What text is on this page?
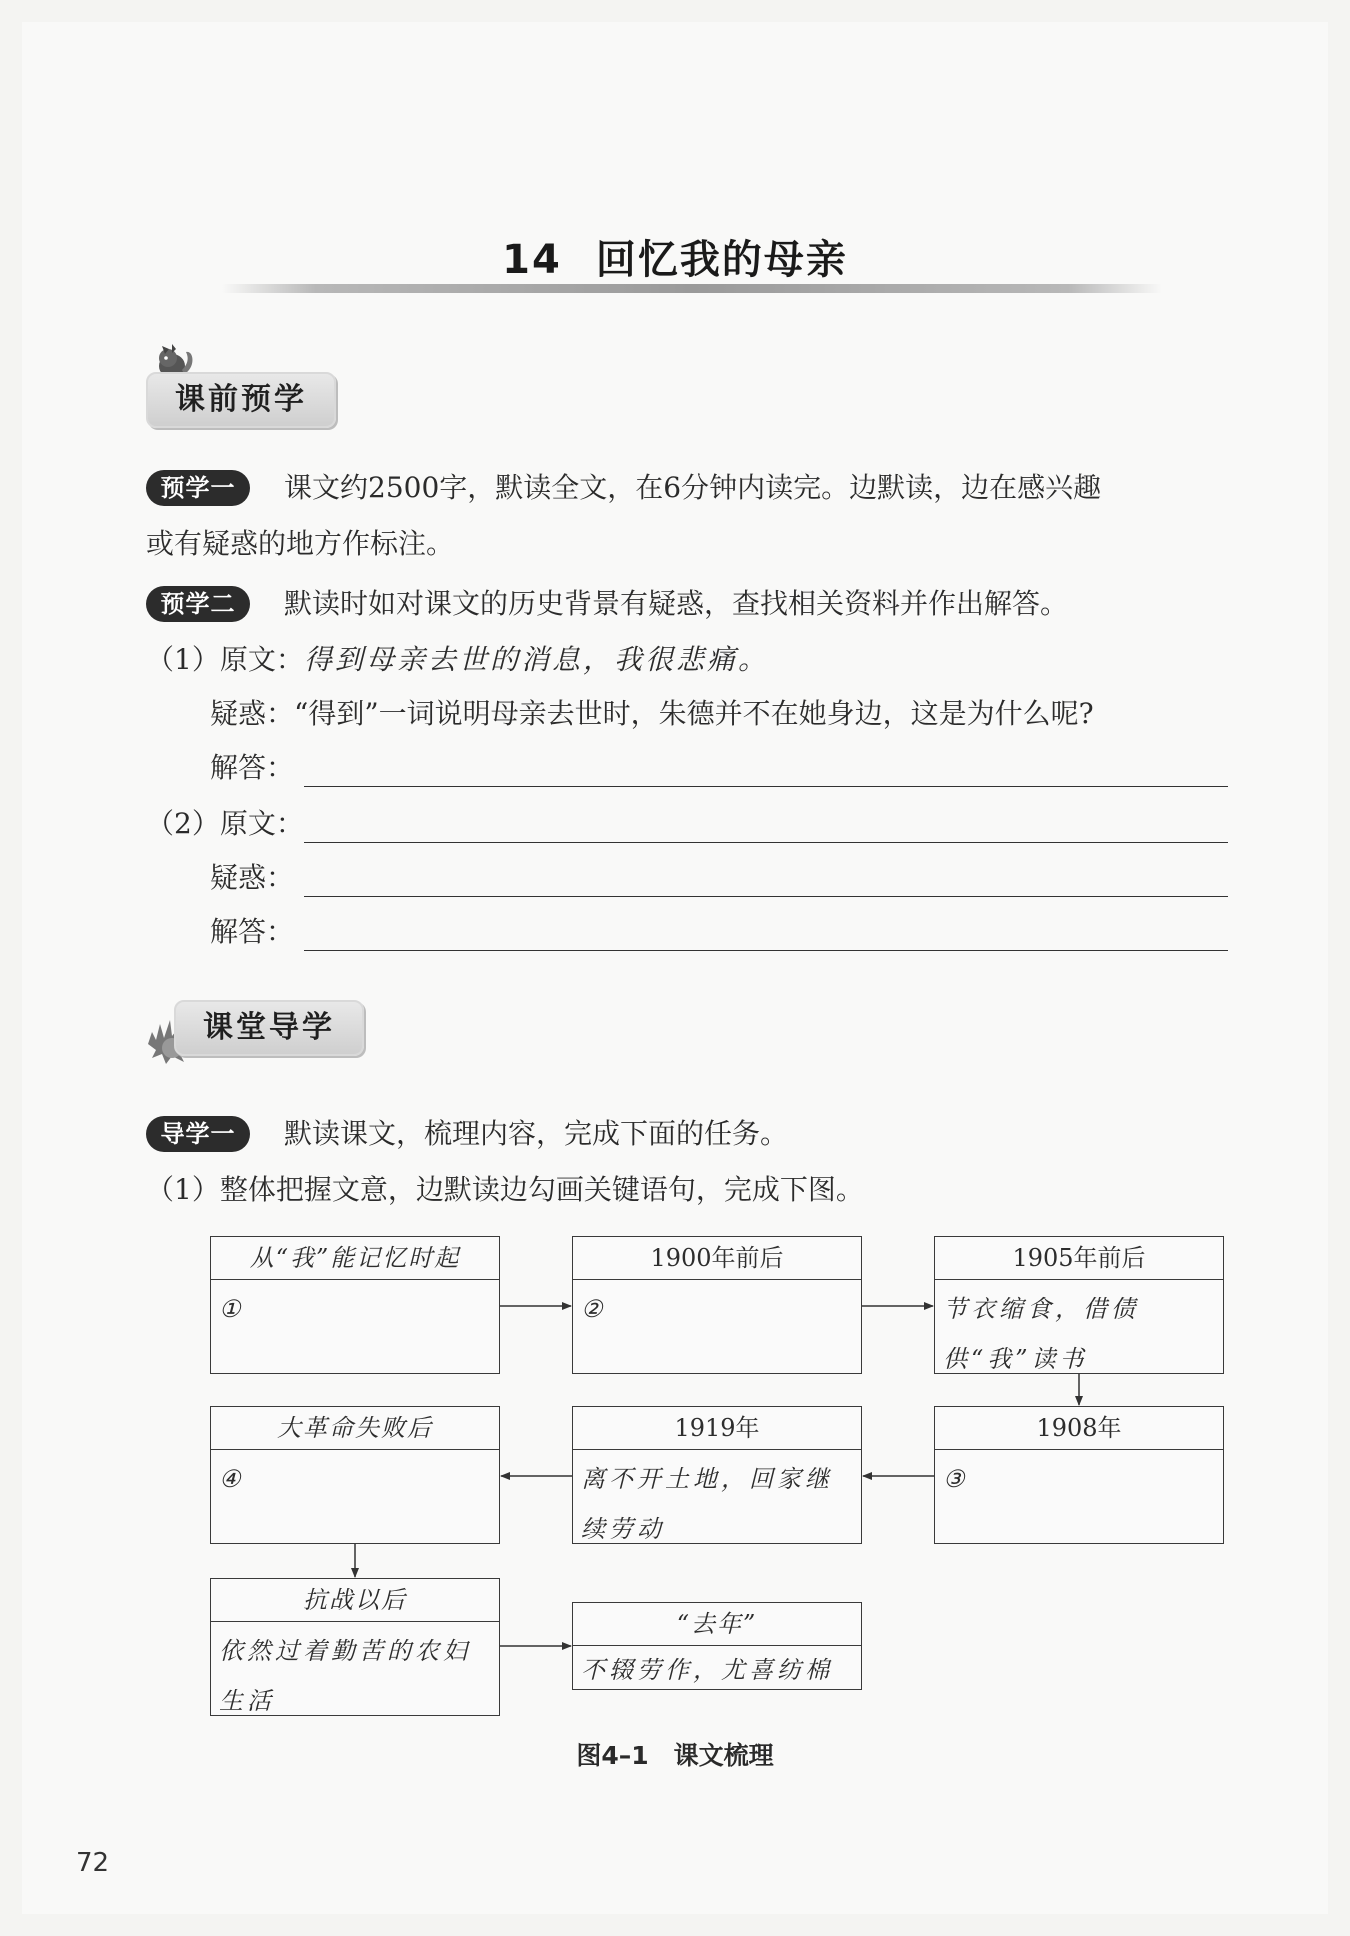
14 回忆我的母亲
课前预学
预学一	课文约2500字，默读全文，在6分钟内读完。边默读，边在感兴趣
或有疑惑的地方作标注。
预学二	默读时如对课文的历史背景有疑惑，查找相关资料并作出解答。
（1）原文： 得到母亲去世的消息，我很悲痛。
疑惑：“得到”一词说明母亲去世时，朱德并不在她身边，这是为什么呢?
解答：
（2）原文：
疑惑：
解答：
课堂导学
导学一	默读课文，梳理内容，完成下面的任务。
（1）整体把握文意，边默读边勾画关键语句，完成下图。
从“我”能记忆时起
①
1900年前后
②
1905年前后
节衣缩食，借债供“我”读书
1908年
③
1919年
离不开土地，回家继续劳动
大革命失败后
④
抗战以后
依然过着勤苦的农妇生活
“去年”
不辍劳作，尤喜纺棉
图4–1　课文梳理
72
